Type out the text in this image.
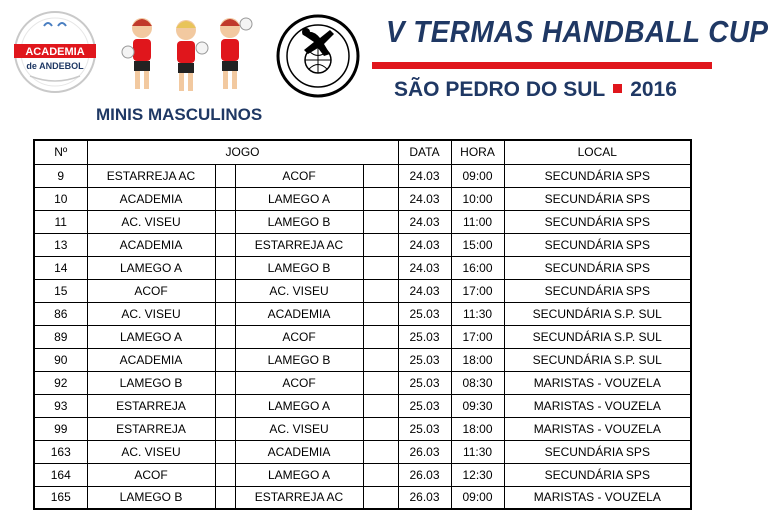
ACADEMIA
de ANDEBOL
V TERMAS HANDBALL CUP
SÃO PEDRO DO SUL 2016
MINIS MASCULINOS
Nº	JOGO				DATA	HORA	LOCAL
9	ESTARREJA AC		ACOF		24.03	09:00	SECUNDÁRIA SPS
10	ACADEMIA		LAMEGO A		24.03	10:00	SECUNDÁRIA SPS
11	AC. VISEU		LAMEGO B		24.03	11:00	SECUNDÁRIA SPS
13	ACADEMIA		ESTARREJA AC		24.03	15:00	SECUNDÁRIA SPS
14	LAMEGO A		LAMEGO B		24.03	16:00	SECUNDÁRIA SPS
15	ACOF		AC. VISEU		24.03	17:00	SECUNDÁRIA SPS
86	AC. VISEU		ACADEMIA		25.03	11:30	SECUNDÁRIA S.P. SUL
89	LAMEGO A		ACOF		25.03	17:00	SECUNDÁRIA S.P. SUL
90	ACADEMIA		LAMEGO B		25.03	18:00	SECUNDÁRIA S.P. SUL
92	LAMEGO B		ACOF		25.03	08:30	MARISTAS - VOUZELA
93	ESTARREJA		LAMEGO A		25.03	09:30	MARISTAS - VOUZELA
99	ESTARREJA		AC. VISEU		25.03	18:00	MARISTAS - VOUZELA
163	AC. VISEU		ACADEMIA		26.03	11:30	SECUNDÁRIA SPS
164	ACOF		LAMEGO A		26.03	12:30	SECUNDÁRIA SPS
165	LAMEGO B		ESTARREJA AC		26.03	09:00	MARISTAS - VOUZELA
